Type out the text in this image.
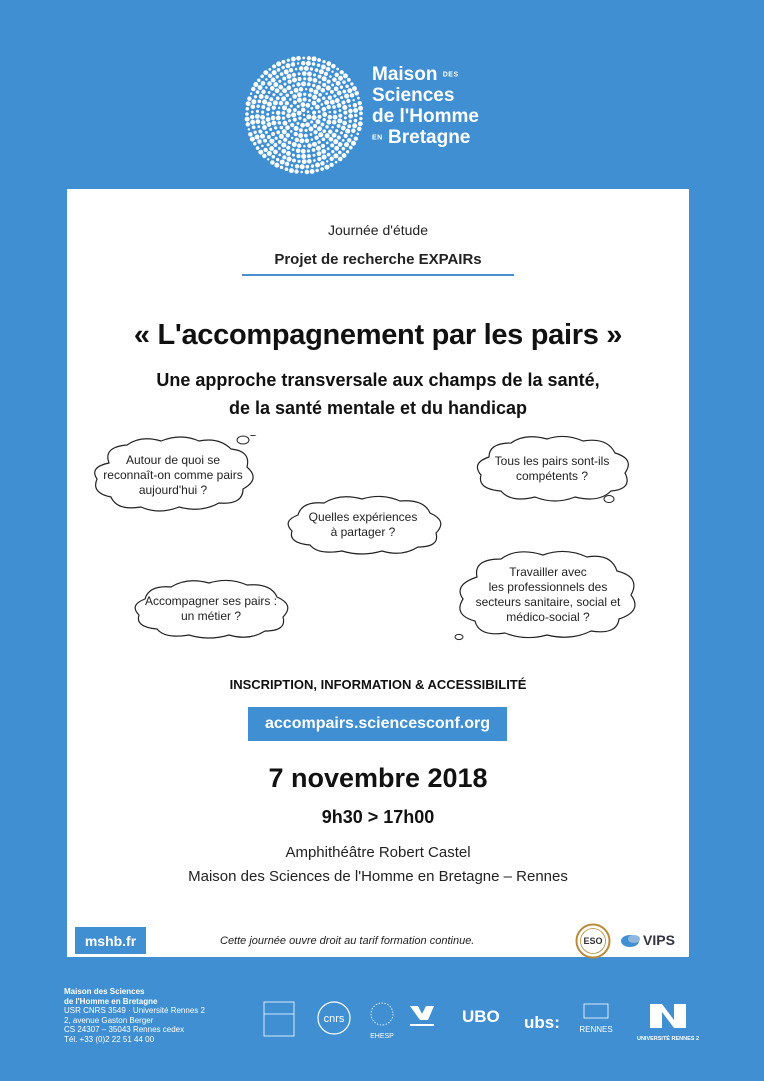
Maison DES
Sciences
de l'Homme
EN Bretagne
Journée d'étude
Projet de recherche EXPAIRs
« L'accompagnement par les pairs »
Une approche transversale aux champs de la santé,
de la santé mentale et du handicap
Autour de quoi se
reconnaît-on comme pairs
aujourd'hui ?
Tous les pairs sont-ils
compétents ?
Quelles expériences
à partager ?
Accompagner ses pairs :
un métier ?
Travailler avec
les professionnels des
secteurs sanitaire, social et
médico-social ?
INSCRIPTION, INFORMATION & ACCESSIBILITÉ
accompairs.sciencesconf.org
7 novembre 2018
9h30 > 17h00
Amphithéâtre Robert Castel
Maison des Sciences de l'Homme en Bretagne – Rennes
mshb.fr	Cette journée ouvre droit au tarif formation continue.	ESO	VIPS
Maison des Sciences
de l'Homme en Bretagne
USR CNRS 3549 · Université Rennes 2
2, avenue Gaston Berger
CS 24307 – 35043 Rennes cedex
Tél. +33 (0)2 22 51 44 00
cnrs
EHESP
UBO ubs: RENNES
UNIVERSITÉ RENNES 2
